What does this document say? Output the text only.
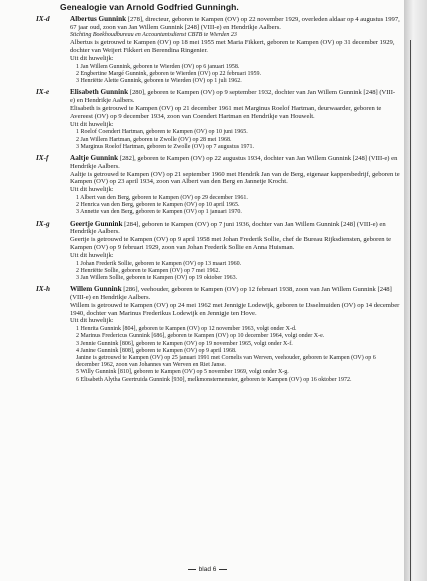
Genealogie van Arnold Godfried Gunningh.
IX-d	Albertus Gunnink [278], directeur, geboren te Kampen (OV) op 22 november 1929, overleden aldaar op 4 augustus 1997, 67 jaar oud, zoon van Jan Willem Gunnink [248] (VIII-e) en Hendrikje Aalbers.
Stichting Boekhoudbureau en Accountantsdienst CBTB te Wierden 23
Albertus is getrouwd te Kampen (OV) op 18 mei 1955 met Maria Fikkert, geboren te Kampen (OV) op 31 december 1929, dochter van Weijert Fikkert en Berendina Ringenier.
Uit dit huwelijk:
1 Jan Willem Gunnink, geboren te Wierden (OV) op 6 januari 1958.
2 Engbertine Margé Gunnink, geboren te Wierden (OV) op 22 februari 1959.
3 Henriëtte Alette Gunnink, geboren te Wierden (OV) op 1 juli 1962.
IX-e	Elisabeth Gunnink [280], geboren te Kampen (OV) op 9 september 1932, dochter van Jan Willem Gunnink [248] (VIII-e) en Hendrikje Aalbers.
Elisabeth is getrouwd te Kampen (OV) op 21 december 1961 met Marginus Roelof Hartman, deurwaarder, geboren te Avereest (OV) op 9 december 1934, zoon van Coendert Hartman en Hendrikje van Houwelt.
Uit dit huwelijk:
1 Roelof Coendert Hartman, geboren te Kampen (OV) op 10 juni 1965.
2 Jan Willem Hartman, geboren te Zwolle (OV) op 28 mei 1968.
3 Marginus Roelof Hartman, geboren te Zwolle (OV) op 7 augustus 1971.
IX-f	Aaltje Gunnink [282], geboren te Kampen (OV) op 22 augustus 1934, dochter van Jan Willem Gunnink [248] (VIII-e) en Hendrikje Aalbers.
Aaltje is getrouwd te Kampen (OV) op 21 september 1960 met Hendrik Jan van de Berg, eigenaar kappersbedrijf, geboren te Kampen (OV) op 23 april 1934, zoon van Albert van den Berg en Jannetje Krocht.
Uit dit huwelijk:
1 Albert van den Berg, geboren te Kampen (OV) op 29 december 1961.
2 Henrica van den Berg, geboren te Kampen (OV) op 10 april 1965.
3 Annette van den Berg, geboren te Kampen (OV) op 1 januari 1970.
IX-g	Geertje Gunnink [284], geboren te Kampen (OV) op 7 juni 1936, dochter van Jan Willem Gunnink [248] (VIII-e) en Hendrikje Aalbers.
Geertje is getrouwd te Kampen (OV) op 9 april 1958 met Johan Frederik Sollie, chef de Bureau Rijksdiensten, geboren te Kampen (OV) op 9 februari 1929, zoon van Johan Frederik Sollie en Anna Huisman.
Uit dit huwelijk:
1 Johan Frederik Sollie, geboren te Kampen (OV) op 13 maart 1960.
2 Henriëtte Sollie, geboren te Kampen (OV) op 7 mei 1962.
3 Jan Willem Sollie, geboren te Kampen (OV) op 19 oktober 1963.
IX-h	Willem Gunnink [286], veehouder, geboren te Kampen (OV) op 12 februari 1938, zoon van Jan Willem Gunnink [248] (VIII-e) en Hendrikje Aalbers.
Willem is getrouwd te Kampen (OV) op 24 mei 1962 met Jennigje Lodewijk, geboren te IJsselmuiden (OV) op 14 december 1940, dochter van Marinus Frederikus Lodewijk en Jennigje ten Hove.
Uit dit huwelijk:
1 Henrita Gunnink [804], geboren te Kampen (OV) op 12 november 1963, volgt onder X-d.
2 Marinus Fredericus Gunnink [686], geboren te Kampen (OV) op 10 december 1964, volgt onder X-e.
3 Jennie Gunnink [806], geboren te Kampen (OV) op 19 november 1965, volgt onder X-f.
4 Janine Gunnink [808], geboren te Kampen (OV) op 9 april 1968.
Janine is getrouwd te Kampen (OV) op 25 januari 1991 met Cornelis van Werven, veehouder, geboren te Kampen (OV) op 6 december 1962, zoon van Johannes van Werven en Riet Janse.
5 Willy Gunnink [810], geboren te Kampen (OV) op 5 november 1969, volgt onder X-g.
6 Elisabeth Alytha Geertruida Gunnink [930], melkmonsternemster, geboren te Kampen (OV) op 16 oktober 1972.
blad 6
